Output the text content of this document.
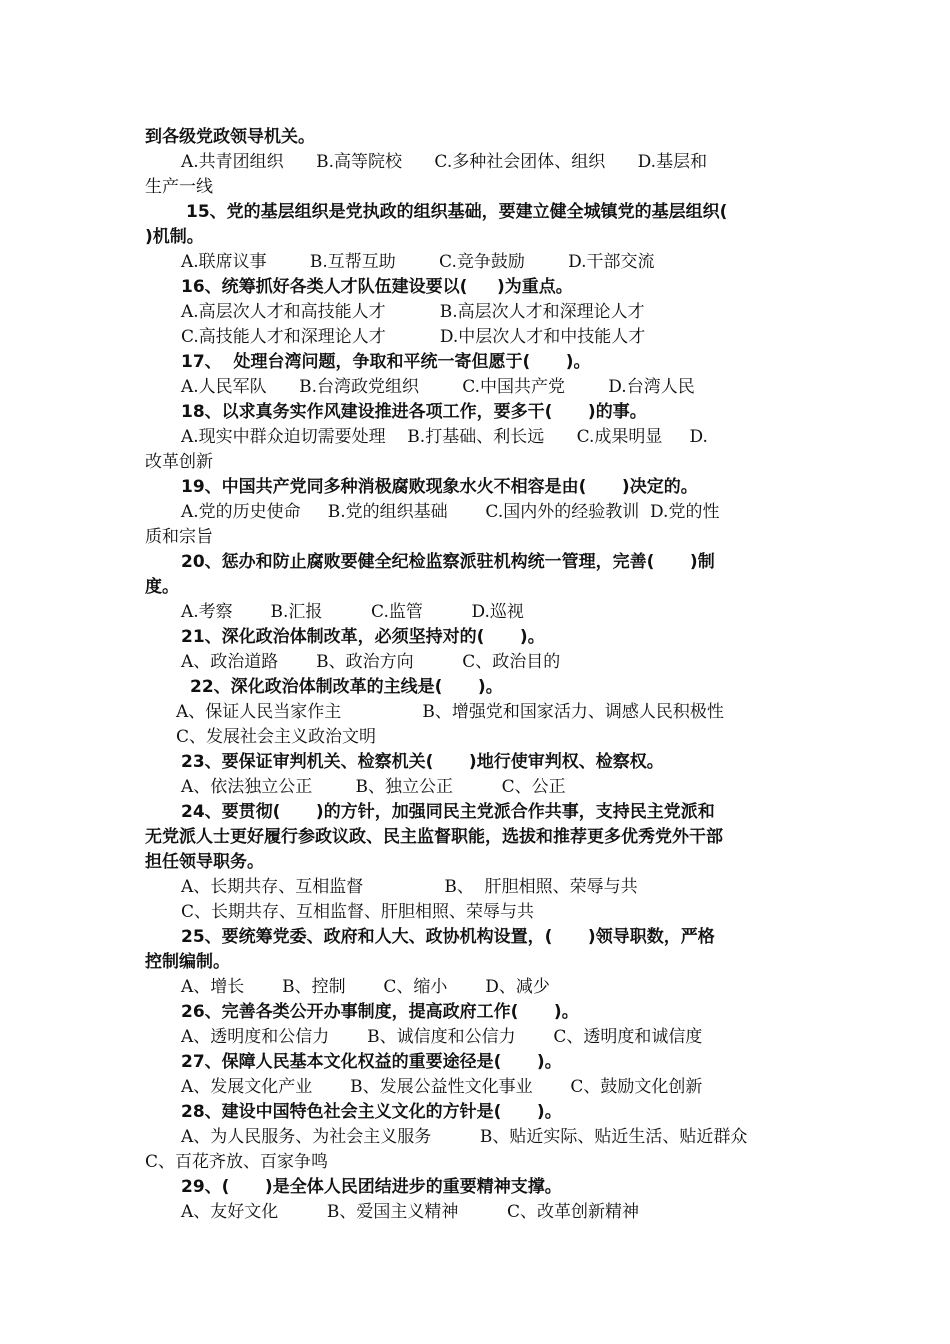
到各级党政领导机关。
A.共青团组织      B.高等院校      C.多种社会团体、组织      D.基层和
生产一线
15、党的基层组织是党执政的组织基础，要建立健全城镇党的基层组织(
)机制。
A.联席议事        B.互帮互助        C.竞争鼓励        D.干部交流
16、统筹抓好各类人才队伍建设要以(     )为重点。
A.高层次人才和高技能人才          B.高层次人才和深理论人才
C.高技能人才和深理论人才          D.中层次人才和中技能人才
17、  处理台湾问题，争取和平统一寄但愿于(      )。
A.人民军队      B.台湾政党组织        C.中国共产党        D.台湾人民
18、以求真务实作风建设推进各项工作，要多干(      )的事。
A.现实中群众迫切需要处理    B.打基础、利长远      C.成果明显     D.
改革创新
19、中国共产党同多种消极腐败现象水火不相容是由(      )决定的。
A.党的历史使命     B.党的组织基础       C.国内外的经验教训  D.党的性
质和宗旨
20、惩办和防止腐败要健全纪检监察派驻机构统一管理，完善(      )制
度。
A.考察       B.汇报         C.监管         D.巡视
21、深化政治体制改革，必须坚持对的(      )。
A、政治道路       B、政治方向         C、政治目的
22、深化政治体制改革的主线是(      )。
A、保证人民当家作主               B、增强党和国家活力、调感人民积极性
C、发展社会主义政治文明
23、要保证审判机关、检察机关(      )地行使审判权、检察权。
A、依法独立公正        B、独立公正         C、公正
24、要贯彻(      )的方针，加强同民主党派合作共事，支持民主党派和
无党派人士更好履行参政议政、民主监督职能，选拔和推荐更多优秀党外干部
担任领导职务。
A、长期共存、互相监督               B、  肝胆相照、荣辱与共
C、长期共存、互相监督、肝胆相照、荣辱与共
25、要统筹党委、政府和人大、政协机构设置，(      )领导职数，严格
控制编制。
A、增长       B、控制       C、缩小       D、减少
26、完善各类公开办事制度，提高政府工作(      )。
A、透明度和公信力       B、诚信度和公信力       C、透明度和诚信度
27、保障人民基本文化权益的重要途径是(      )。
A、发展文化产业       B、发展公益性文化事业       C、鼓励文化创新
28、建设中国特色社会主义文化的方针是(      )。
A、为人民服务、为社会主义服务         B、贴近实际、贴近生活、贴近群众
C、百花齐放、百家争鸣
29、(      )是全体人民团结进步的重要精神支撑。
A、友好文化         B、爱国主义精神         C、改革创新精神
